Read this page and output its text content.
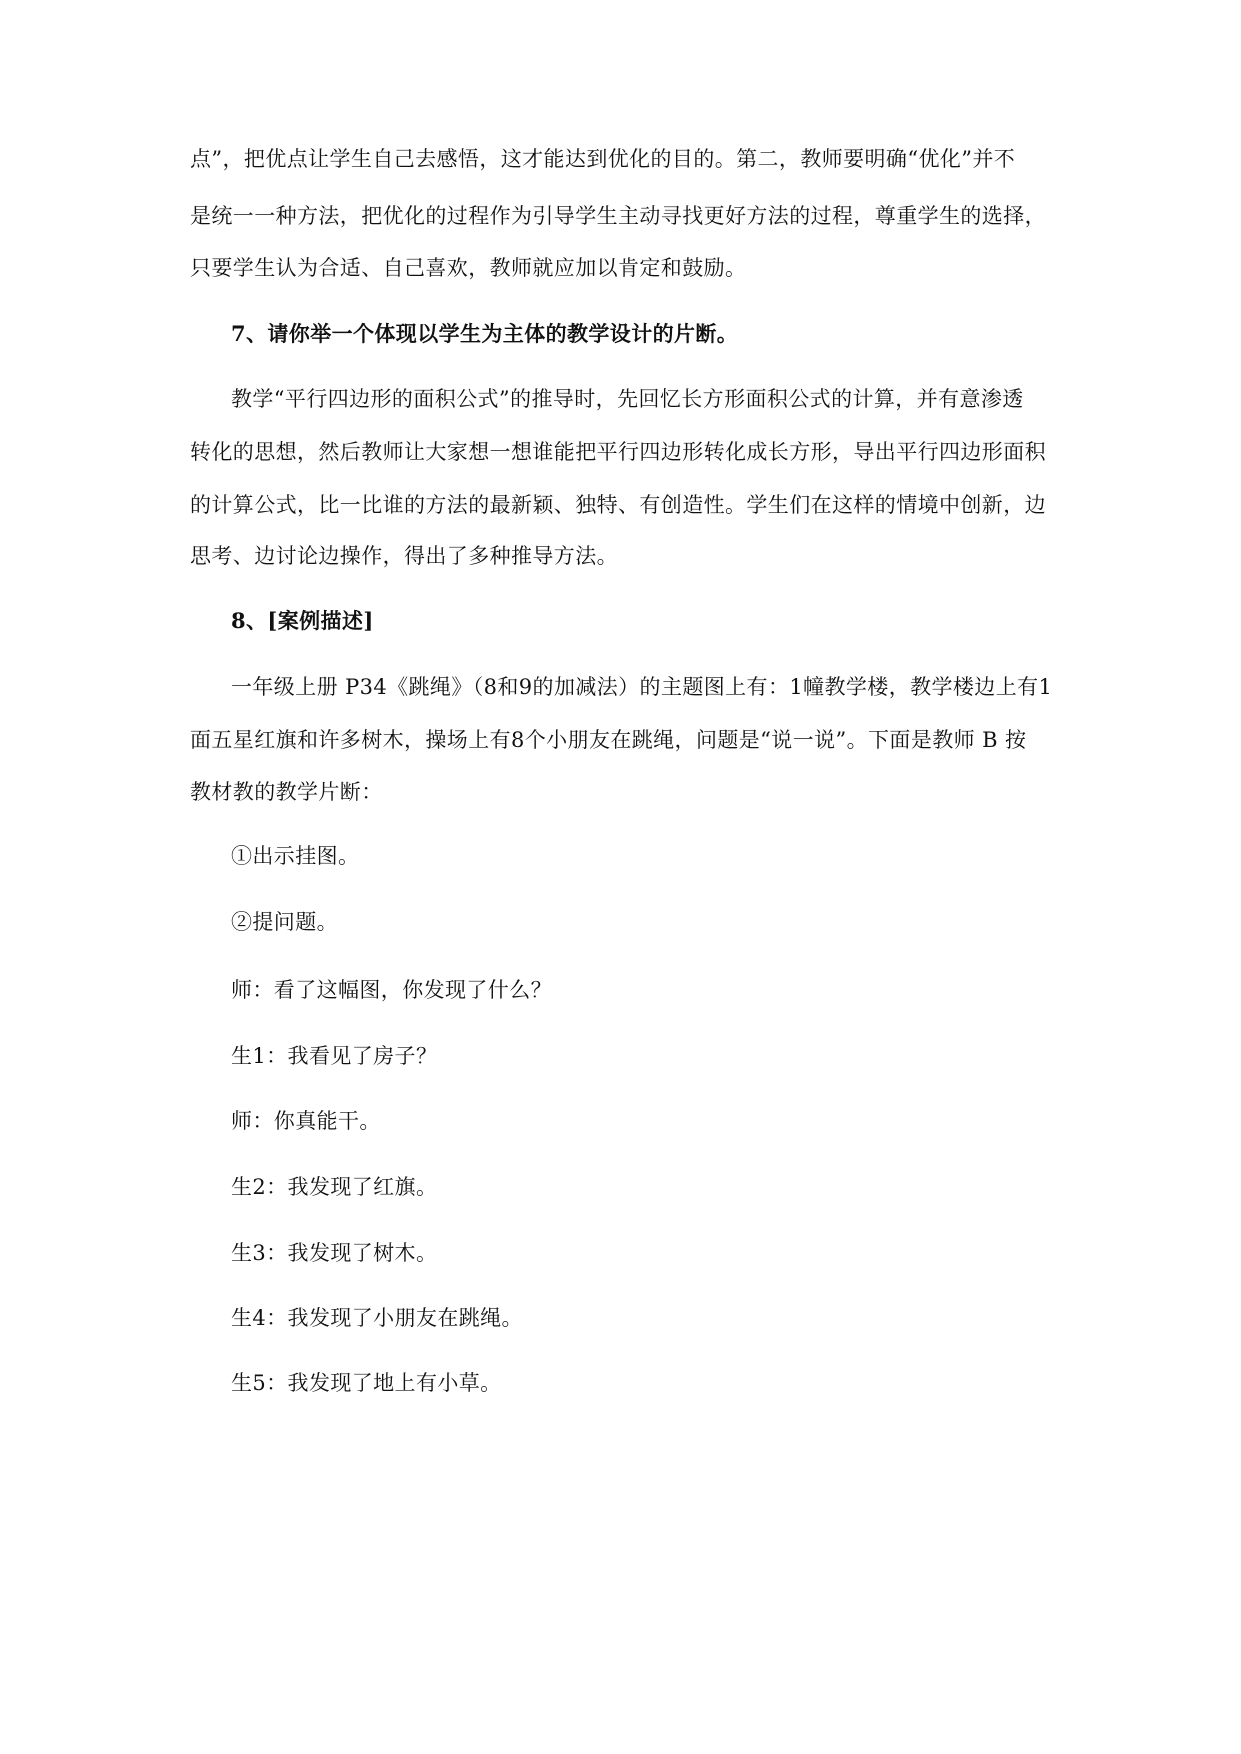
点”，把优点让学生自己去感悟，这才能达到优化的目的。第二，教师要明确“优化”并不
是统一一种方法，把优化的过程作为引导学生主动寻找更好方法的过程，尊重学生的选择，
只要学生认为合适、自己喜欢，教师就应加以肯定和鼓励。
7、请你举一个体现以学生为主体的教学设计的片断。
教学“平行四边形的面积公式”的推导时，先回忆长方形面积公式的计算，并有意渗透
转化的思想，然后教师让大家想一想谁能把平行四边形转化成长方形，导出平行四边形面积
的计算公式，比一比谁的方法的最新颖、独特、有创造性。学生们在这样的情境中创新，边
思考、边讨论边操作，得出了多种推导方法。
8、[案例描述]
一年级上册 P34《跳绳》（8和9的加减法）的主题图上有：1幢教学楼，教学楼边上有1
面五星红旗和许多树木，操场上有8个小朋友在跳绳，问题是“说一说”。下面是教师 B 按
教材教的教学片断：
①出示挂图。
②提问题。
师：看了这幅图，你发现了什么？
生1：我看见了房子？
师：你真能干。
生2：我发现了红旗。
生3：我发现了树木。
生4：我发现了小朋友在跳绳。
生5：我发现了地上有小草。
